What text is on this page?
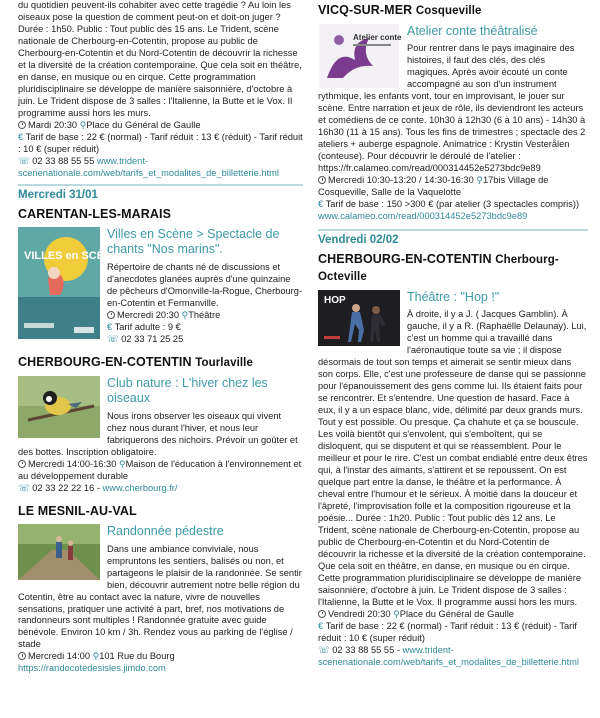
du quotidien peuvent-ils cohabiter avec cette tragédie ? Au loin les oiseaux pose la question de comment peut-on et doit-on juger ? Durée : 1h50. Public : Tout public dès 15 ans. Le Trident, scène nationale de Cherbourg-en-Cotentin, propose au public de Cherbourg-en-Cotentin et du Nord-Cotentin de découvrir la richesse et la diversité de la création contemporaine. Que cela soit en théâtre, en danse, en musique ou en cirque. Cette programmation pluridisciplinaire se développe de manière saisonnière, d'octobre à juin. Le Trident dispose de 3 salles : l'Italienne, la Butte et le Vox. Il programme aussi hors les murs.

Mardi 20:30 ⚲Place du Général de Gaulle

€ Tarif de base : 22 € (normal) - Tarif réduit : 13 € (réduit) - Tarif réduit : 10 € (super réduit)

☏ 02 33 88 55 55 www.trident-scenenationale.com/web/tarifs_et_modalites_de_billetterie.html

Mercredi 31/01
CARENTAN-LES-MARAIS
VILLES en SCÈNE
Villes en Scène > Spectacle de chants "Nos marins".

Répertoire de chants né de discussions et d'anecdotes glanées auprès d'une quinzaine de pêcheurs d'Omonville-la-Rogue, Cherbourg-en-Cotentin et Fermanville.

Mercredi 20:30 ⚲Théâtre

€ Tarif adulte : 9 €

☏ 02 33 71 25 25

CHERBOURG-EN-COTENTIN Tourlaville
Club nature : L'hiver chez les oiseaux

Nous irons observer les oiseaux qui vivent chez nous durant l'hiver, et nous leur fabriquerons des nichoirs. Prévoir un goûter et des bottes. Inscription obligatoire.

Mercredi 14:00-16:30 ⚲Maison de l'éducation à l'environnement et au développement durable

☏ 02 33 22 22 16 - www.cherbourg.fr/

LE MESNIL-AU-VAL
Randonnée pédestre

Dans une ambiance conviviale, nous empruntons les sentiers, balisés ou non, et partageons le plaisir de la randonnée. Se sentir bien, découvrir autrement notre belle région du Cotentin, être au contact avec la nature, vivre de nouvelles sensations, pratiquer une activité à part, bref, nos motivations de randonneurs sont multiples ! Randonnée gratuite avec guide bénévole. Environ 10 km / 3h. Rendez vous au parking de l'église / stade

Mercredi 14:00 ⚲101 Rue du Bourg

https://randocotedesisles.jimdo.com

VICQ-SUR-MER Cosqueville
Atelier conte Atelier conte théâtralisé

Pour rentrer dans le pays imaginaire des histoires, il faut des clés, des clés magiques. Après avoir écouté un conte accompagné au son d'un instrument rythmique, les enfants vont, tour en improvisant, le jouer sur scène. Entre narration et jeux de rôle, ils deviendront les acteurs et comédiens de ce conte. 10h30 à 12h30 (6 à 10 ans) - 14h30 à 16h30 (11 à 15 ans). Tous les fins de trimestres ; spectacle des 2 ateliers + auberge espagnole. Animatrice : Krystin Vesterålen (conteuse). Pour découvrir le déroulé de l'atelier : https://fr.calameo.com/read/000314452e5273bdc9e89

Mercredi 10:30-13:20 / 14:30-16:30 ⚲17bis Village de Cosqueville, Salle de la Vaquelotte

€ Tarif de base : 150 >300 € (par atelier (3 spectacles compris))

www.calameo.com/read/000314452e5273bdc9e89

Vendredi 02/02
CHERBOURG-EN-COTENTIN Cherbourg-Octeville
HOP	Théâtre : "Hop !"

À droite, il y a J. ( Jacques Gamblin). À gauche, il y a R. (Raphaëlle Delaunay). Lui, c'est un homme qui a travaillé dans l'aéronautique toute sa vie ; il dispose désormais de tout son temps et aimerait se sentir mieux dans son corps. Elle, c'est une professeure de danse qui se passionne pour l'épanouissement des gens comme lui. Ils étaient faits pour se rencontrer. Et s'entendre. Une question de hasard. Face à eux, il y a un espace blanc, vide, délimité par deux grands murs. Tout y est possible. Ou presque. Ça chahute et ça se bouscule. Les voilà bientôt qui s'envolent, qui s'emboîtent, qui se disloquent, qui se disputent et qui se réassemblent. Pour le meilleur et pour le rire. C'est un combat endiablé entre deux êtres qui, à l'instar des aimants, s'attirent et se repoussent. On est quelque part entre la danse, le théâtre et la performance. À cheval entre l'humour et le sérieux. À moitié dans la douceur et l'âpreté, l'improvisation folle et la composition rigoureuse et la poésie... Durée : 1h20. Public : Tout public dès 12 ans. Le Trident, scène nationale de Cherbourg-en-Cotentin, propose au public de Cherbourg-en-Cotentin et du Nord-Cotentin de découvrir la richesse et la diversité de la création contemporaine. Que cela soit en théâtre, en danse, en musique ou en cirque. Cette programmation pluridisciplinaire se développe de manière saisonnière, d'octobre à juin. Le Trident dispose de 3 salles : l'Italienne, la Butte et le Vox. Il programme aussi hors les murs.

Vendredi 20:30 ⚲Place du Général de Gaulle

€ Tarif de base : 22 € (normal) - Tarif réduit : 13 € (réduit) - Tarif réduit : 10 € (super réduit)

☏ 02 33 88 55 55 - www.trident-scenenationale.com/web/tarifs_et_modalites_de_billetterie.html
